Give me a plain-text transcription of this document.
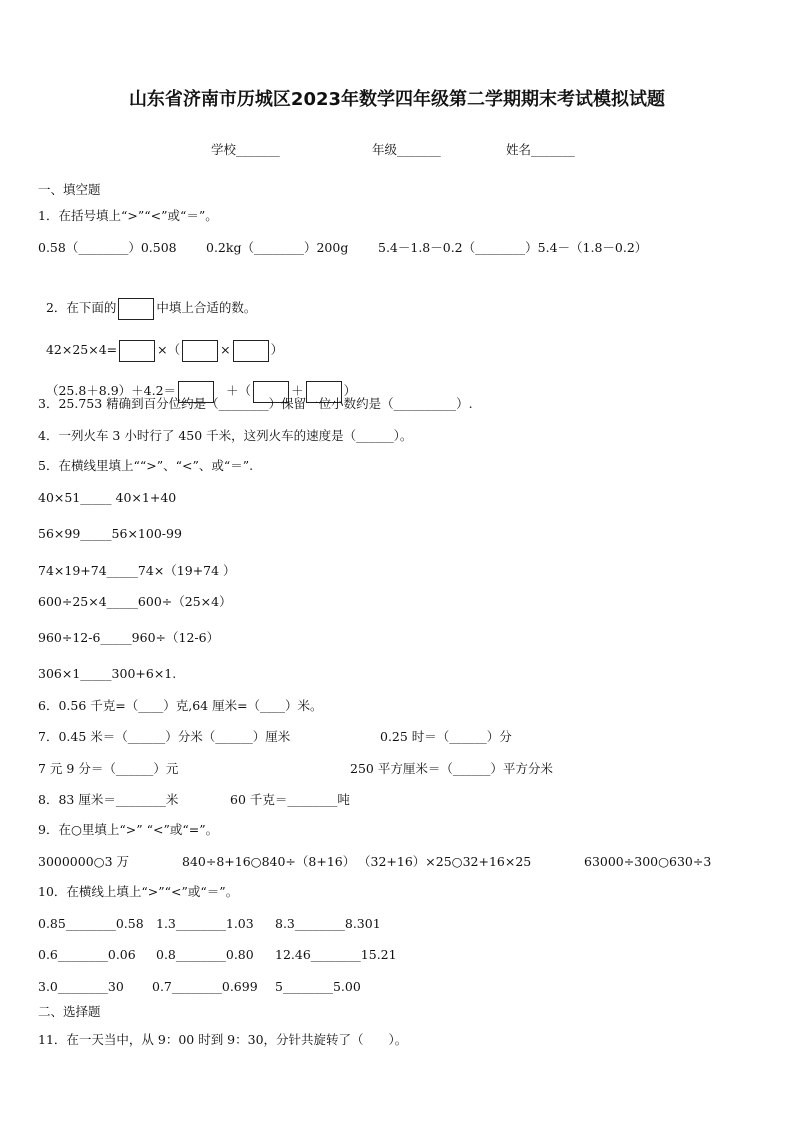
山东省济南市历城区2023年数学四年级第二学期期末考试模拟试题
学校_______	年级_______	姓名_______
一、填空题
1．在括号填上“>”“<”或“＝”。
0.58（________）0.508 0.2kg（________）200g 5.4－1.8－0.2（________）5.4－（1.8－0.2）

2．在下面的	中填上合适的数。

42×25×4=	×（	×	）

（25.8＋8.9）＋4.2＝	＋（	＋	）

3．25.753 精确到百分位约是（________）保留一位小数约是（__________）.
4．一列火车 3 小时行了 450 千米，这列火车的速度是（______）。
5．在横线里填上““>”、“<”、或“＝”.
40×51_____ 40×1+40
56×99_____56×100-99
74×19+74_____74×（19+74 ）
600÷25×4_____600÷（25×4）
960÷12-6_____960÷（12-6）
306×1_____300+6×1.
6．0.56 千克=（____）克,64 厘米=（____）米。
7．0.45 米＝（______）分米（______）厘米	0.25 时＝（______）分
7 元 9 分＝（______）元	250 平方厘米＝（______）平方分米
8．83 厘米＝________米	60 千克＝________吨
9．在○里填上“>” “<”或“=”。
3000000○3 万	840÷8+16○840÷（8+16） （32+16）×25○32+16×25	63000÷300○630÷3
10．在横线上填上“>”“<”或“＝”。
0.85________0.58 1.3________1.03 8.3________8.301
0.6________0.06 0.8________0.80 12.46________15.21
3.0________30 0.7________0.699 5________5.00
二、选择题
11．在一天当中，从 9：00 时到 9：30，分针共旋转了（　　）。
